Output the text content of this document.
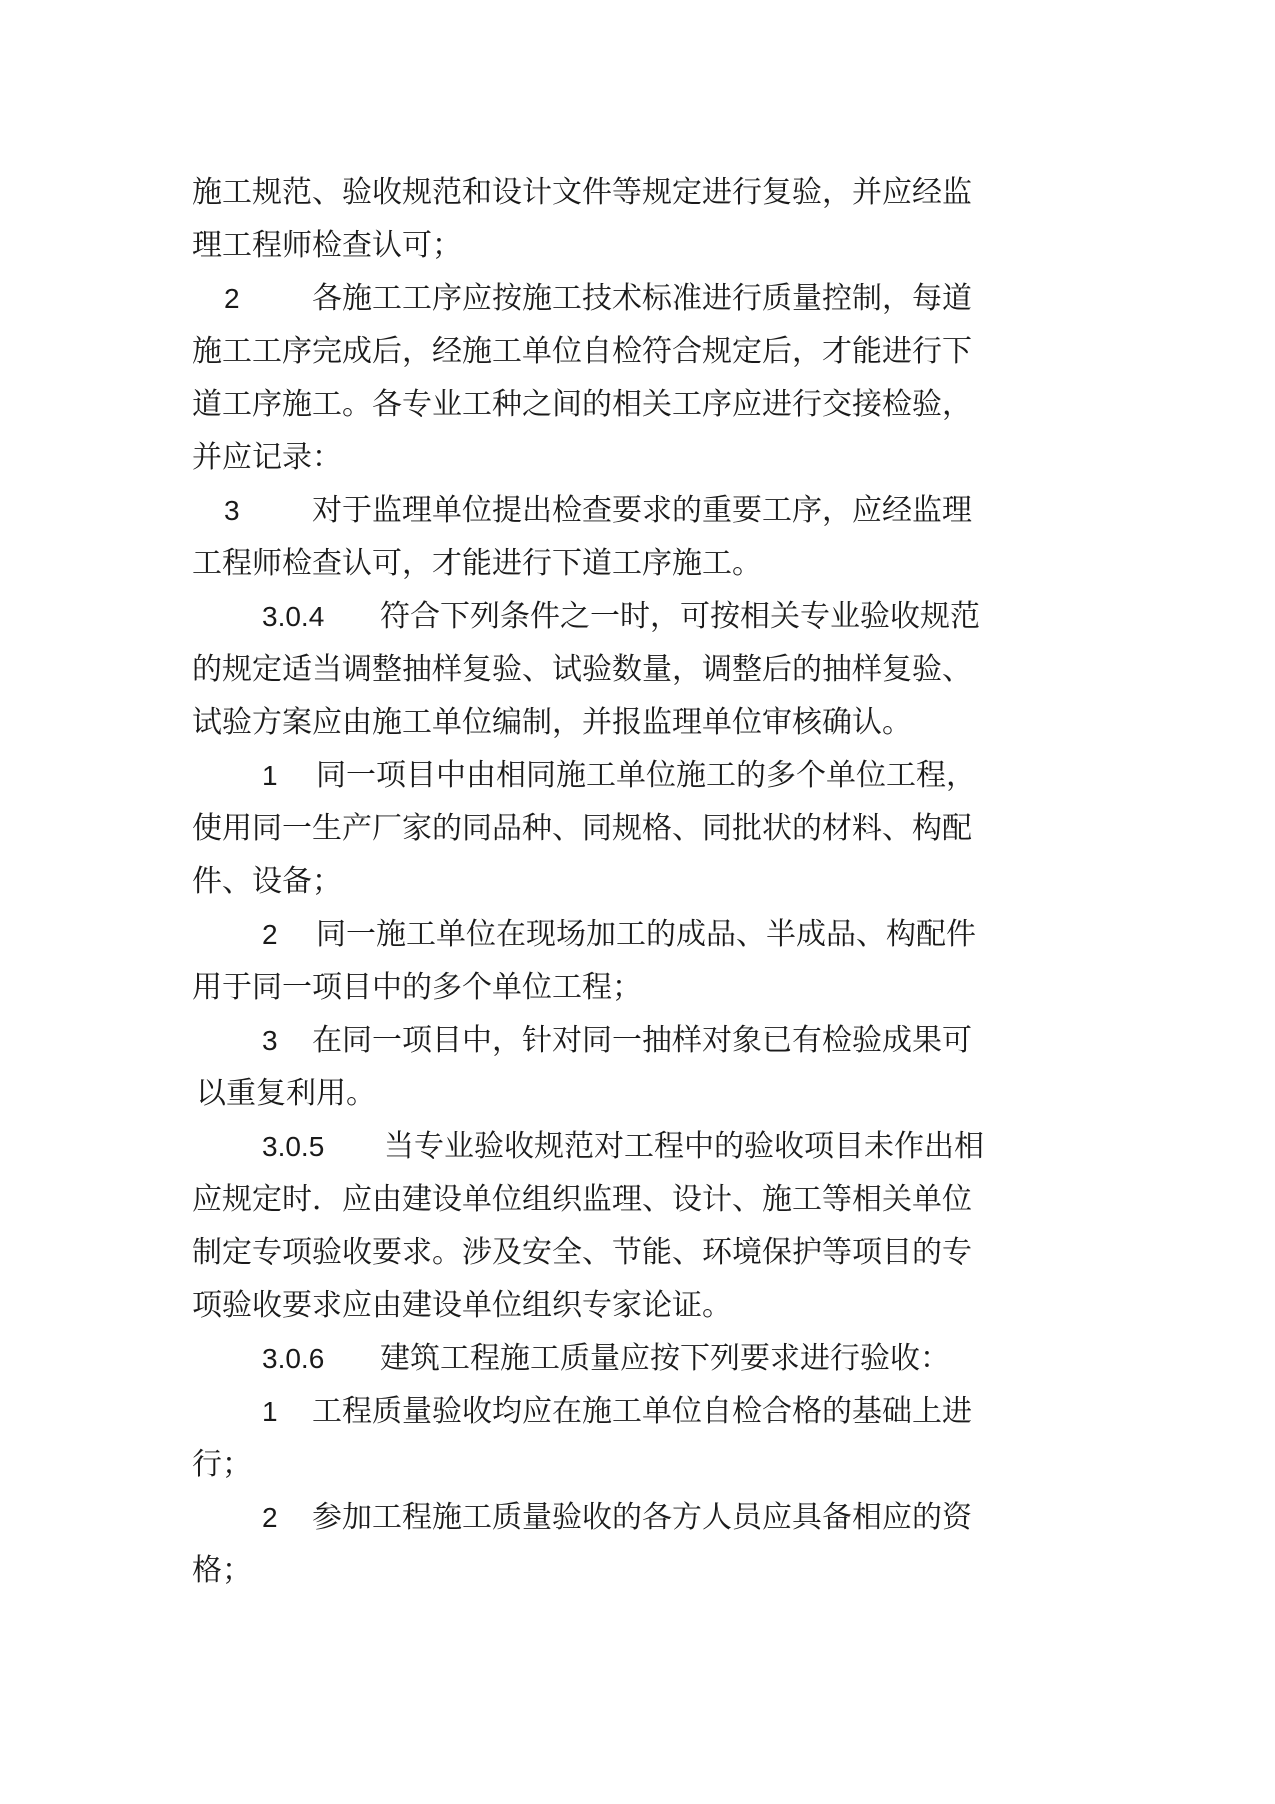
施工规范、验收规范和设计文件等规定进行复验，并应经监
理工程师检查认可；
2 各施工工序应按施工技术标准进行质量控制，每道
施工工序完成后，经施工单位自检符合规定后，才能进行下
道工序施工。各专业工种之间的相关工序应进行交接检验，
并应记录：
3 对于监理单位提出检查要求的重要工序，应经监理
工程师检查认可，才能进行下道工序施工。
3.0.4 符合下列条件之一时，可按相关专业验收规范
的规定适当调整抽样复验、试验数量，调整后的抽样复验、
试验方案应由施工单位编制，并报监理单位审核确认。
1 同一项目中由相同施工单位施工的多个单位工程，
使用同一生产厂家的同品种、同规格、同批状的材料、构配
件、设备；
2 同一施工单位在现场加工的成品、半成品、构配件
用于同一项目中的多个单位工程；
3 在同一项目中，针对同一抽样对象已有检验成果可
以重复利用。
3.0.5 当专业验收规范对工程中的验收项目未作出相
应规定时．应由建设单位组织监理、设计、施工等相关单位
制定专项验收要求。涉及安全、节能、环境保护等项目的专
项验收要求应由建设单位组织专家论证。
3.0.6 建筑工程施工质量应按下列要求进行验收：
1 工程质量验收均应在施工单位自检合格的基础上进
行；
2 参加工程施工质量验收的各方人员应具备相应的资
格；
